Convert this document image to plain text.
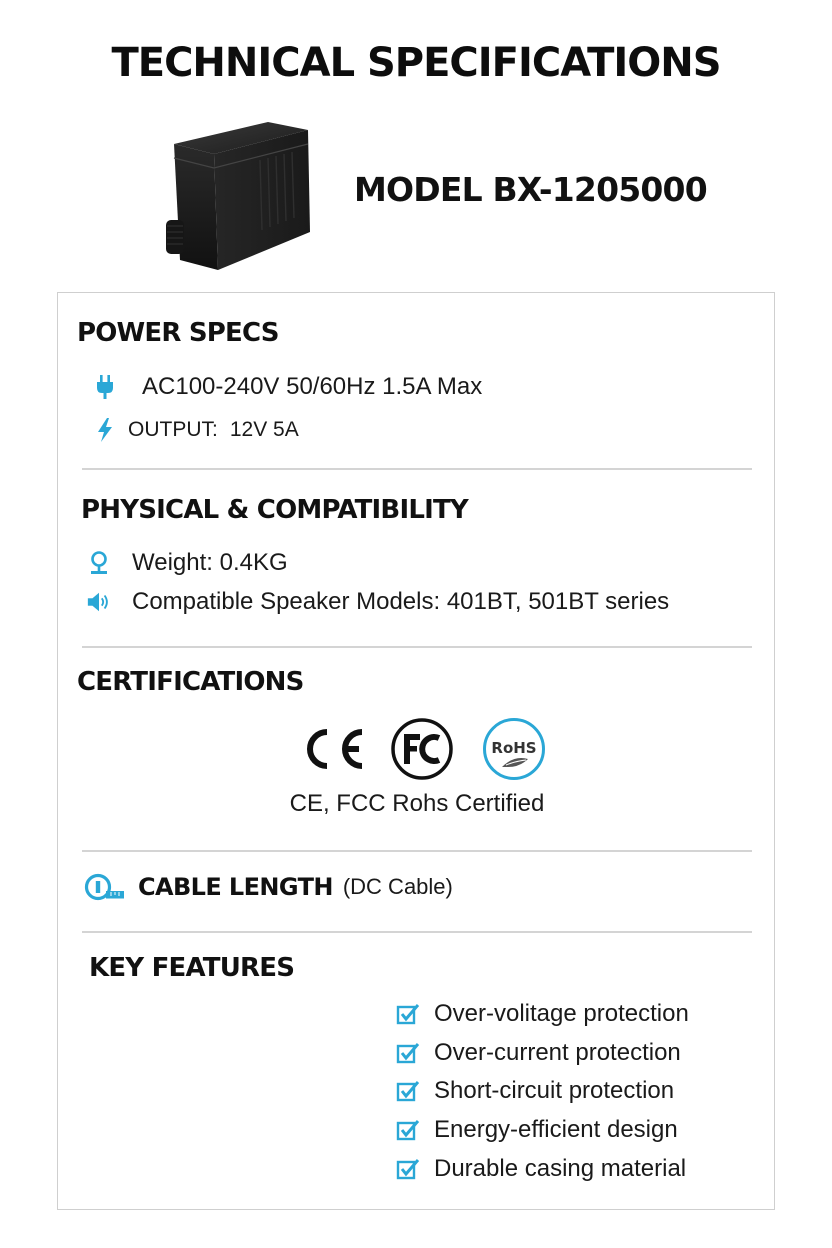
TECHNICAL SPECIFICATIONS
MODEL BX-1205000
POWER SPECS
AC100-240V 50/60Hz 1.5A Max
OUTPUT: 12V 5A
PHYSICAL & COMPATIBILITY
Weight: 0.4KG
Compatible Speaker Models: 401BT, 501BT series
CERTIFICATIONS
RoHS
CE, FCC Rohs Certified
CABLE LENGTH (DC Cable)
KEY FEATURES
Over-volitage protection
Over-current protection
Short-circuit protection
Energy-efficient design
Durable casing material
